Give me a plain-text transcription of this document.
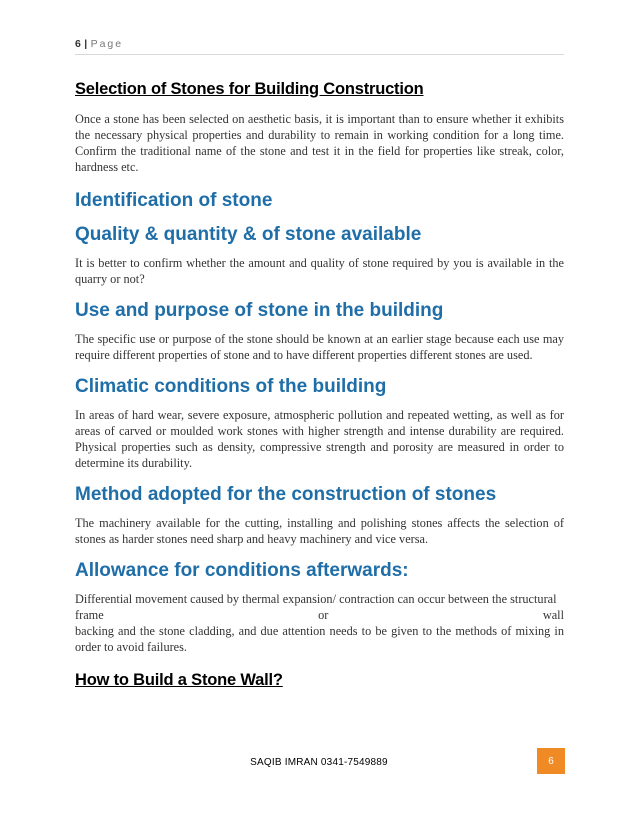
6 | Page
Selection of Stones for Building Construction

Once a stone has been selected on aesthetic basis, it is important than to ensure whether it exhibits the necessary physical properties and durability to remain in working condition for a long time. Confirm the traditional name of the stone and test it in the field for properties like streak, color, hardness etc.

Identification of stone
Quality & quantity & of stone available

It is better to confirm whether the amount and quality of stone required by you is available in the quarry or not?

Use and purpose of stone in the building

The specific use or purpose of the stone should be known at an earlier stage because each use may require different properties of stone and to have different properties different stones are used.

Climatic conditions of the building

In areas of hard wear, severe exposure, atmospheric pollution and repeated wetting, as well as for areas of carved or moulded work stones with higher strength and intense durability are required. Physical properties such as density, compressive strength and porosity are measured in order to determine its durability.

Method adopted for the construction of stones

The machinery available for the cutting, installing and polishing stones affects the selection of stones as harder stones need sharp and heavy machinery and vice versa.

Allowance for conditions afterwards:

Differential movement caused by thermal expansion/ contraction can occur between the structural

frame	or	wall

backing and the stone cladding, and due attention needs to be given to the methods of mixing in order to avoid failures.

How to Build a Stone Wall?
SAQIB IMRAN 0341-7549889	6
